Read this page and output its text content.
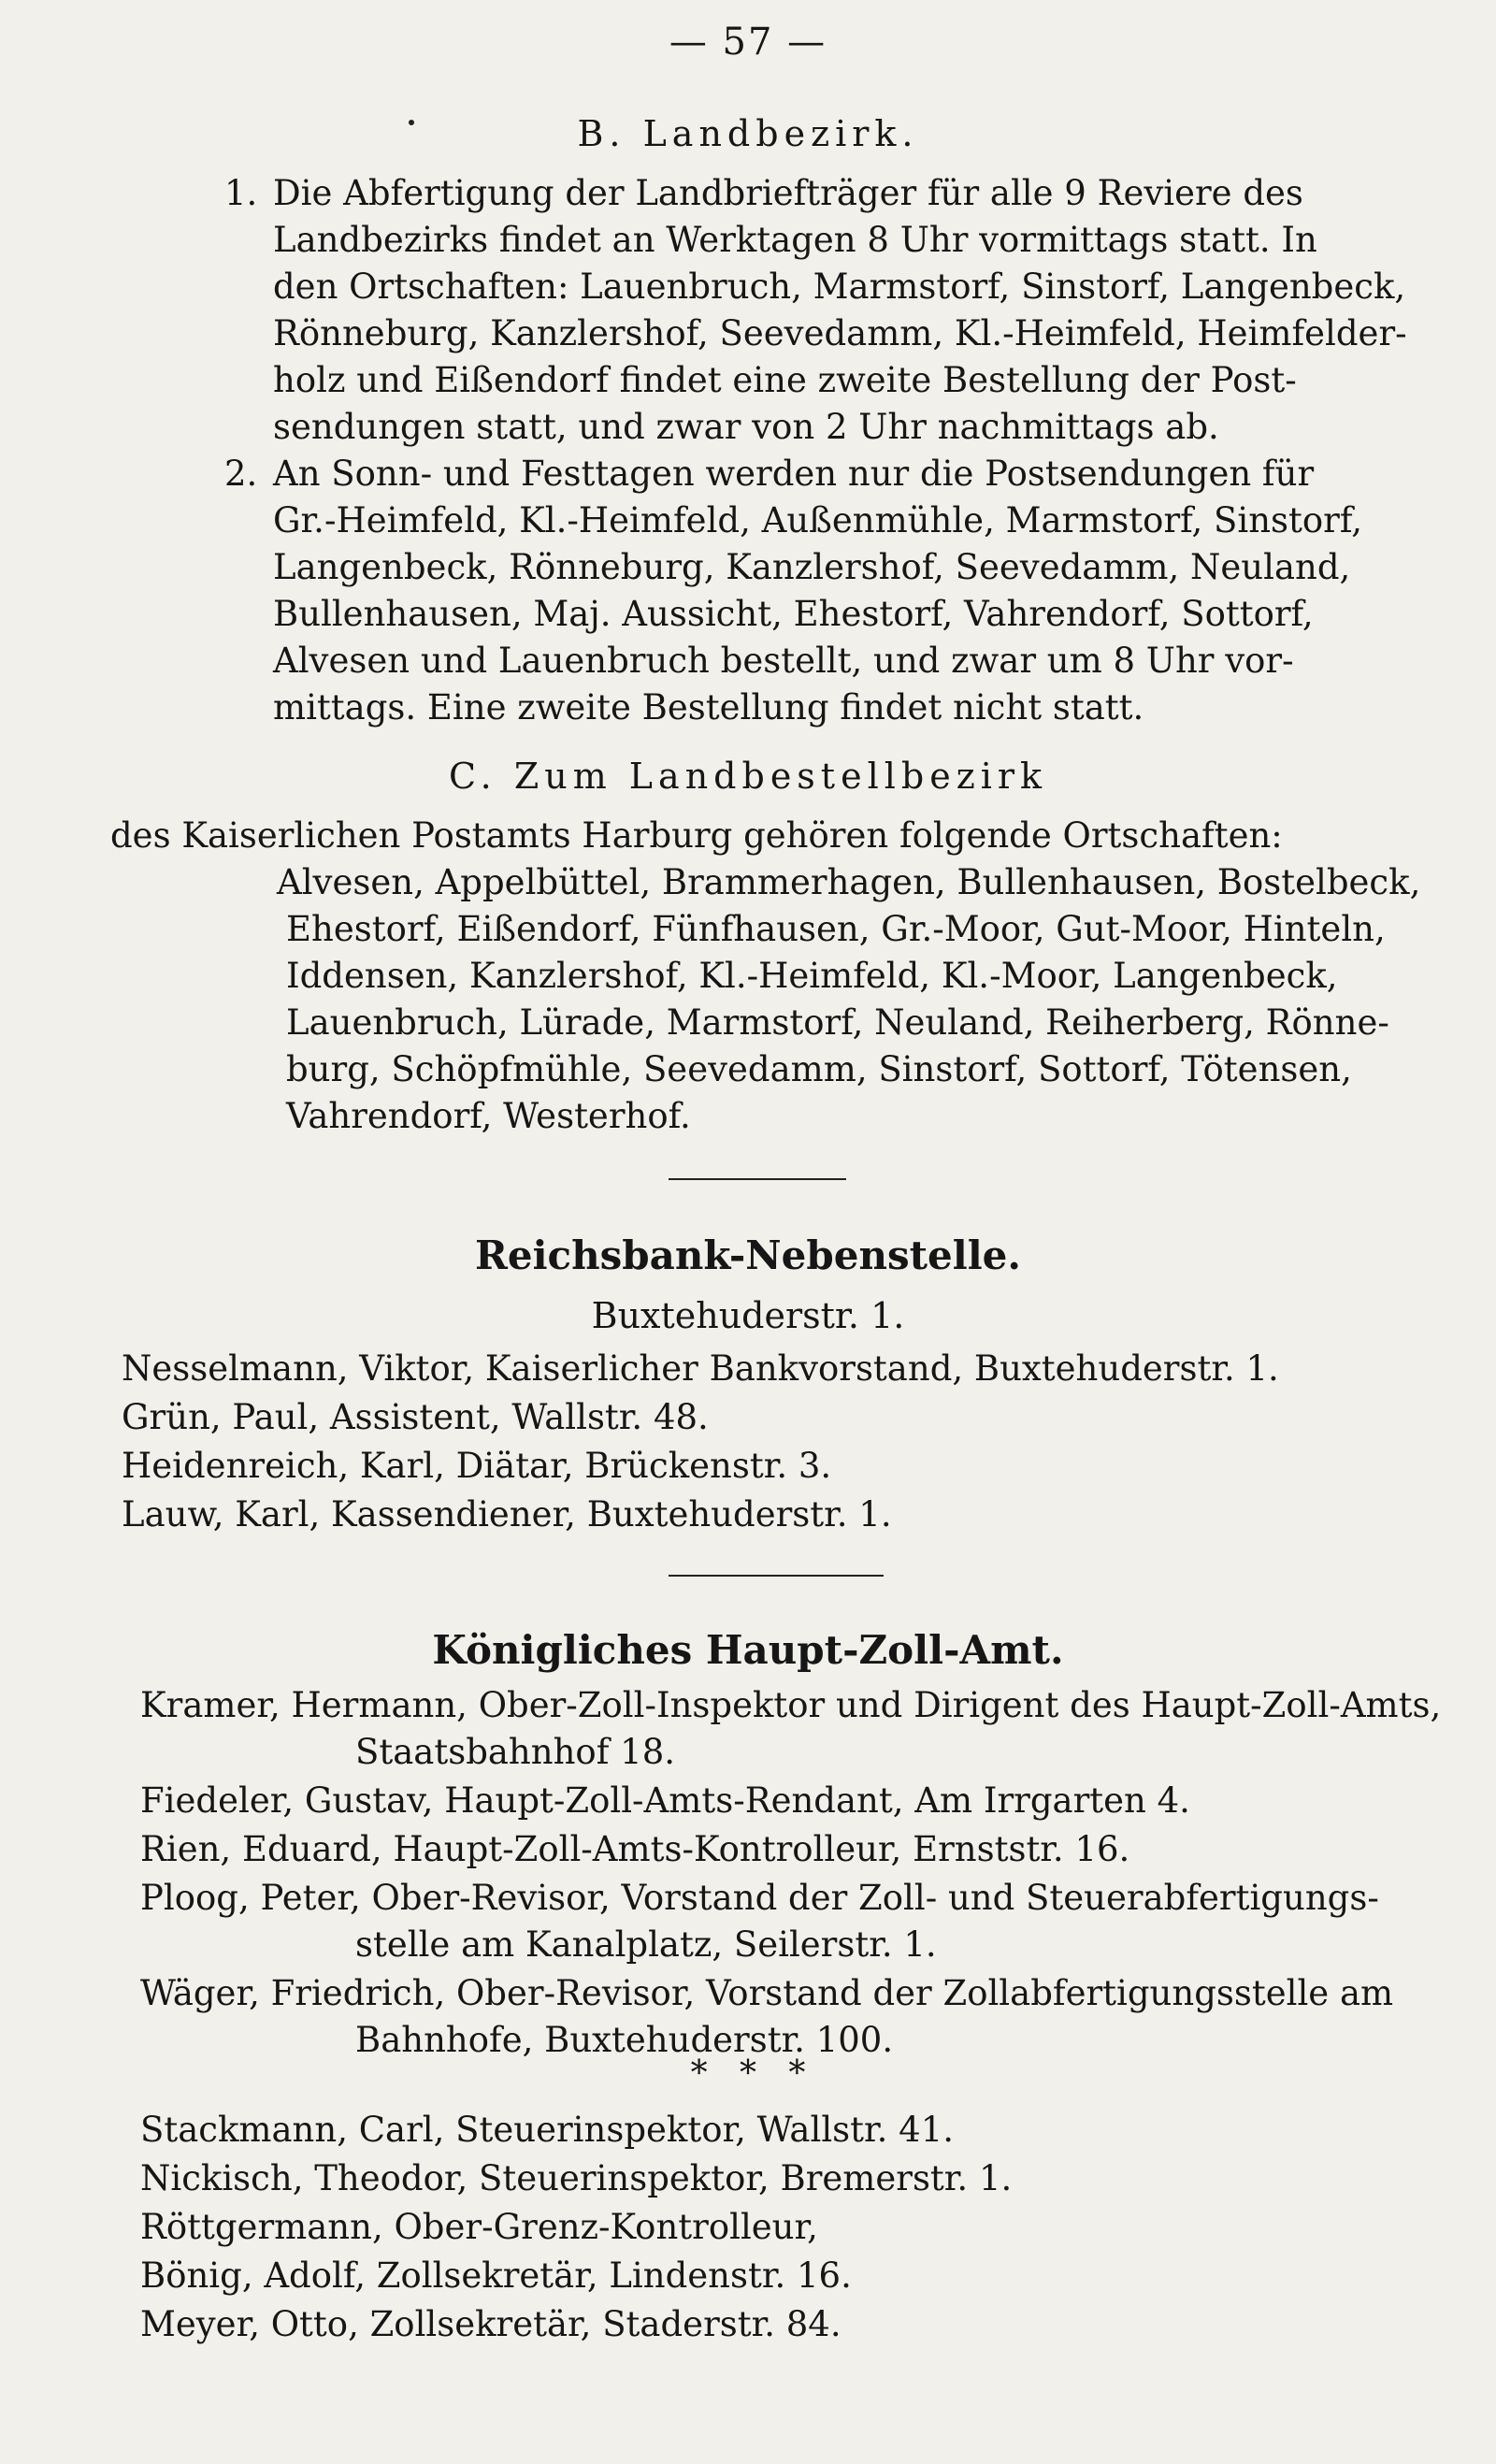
— 57 —
B. Landbezirk.
1. Die Abfertigung der Landbriefträger für alle 9 Reviere des
Landbezirks findet an Werktagen 8 Uhr vormittags statt. In
den Ortschaften: Lauenbruch, Marmstorf, Sinstorf, Langenbeck,
Rönneburg, Kanzlershof, Seevedamm, Kl.-Heimfeld, Heimfelder-
holz und Eißendorf findet eine zweite Bestellung der Post-
sendungen statt, und zwar von 2 Uhr nachmittags ab.
2. An Sonn- und Festtagen werden nur die Postsendungen für
Gr.-Heimfeld, Kl.-Heimfeld, Außenmühle, Marmstorf, Sinstorf,
Langenbeck, Rönneburg, Kanzlershof, Seevedamm, Neuland,
Bullenhausen, Maj. Aussicht, Ehestorf, Vahrendorf, Sottorf,
Alvesen und Lauenbruch bestellt, und zwar um 8 Uhr vor-
mittags. Eine zweite Bestellung findet nicht statt.
C. Zum Landbestellbezirk
des Kaiserlichen Postamts Harburg gehören folgende Ortschaften:
Alvesen, Appelbüttel, Brammerhagen, Bullenhausen, Bostelbeck,
Ehestorf, Eißendorf, Fünfhausen, Gr.-Moor, Gut-Moor, Hinteln,
Iddensen, Kanzlershof, Kl.-Heimfeld, Kl.-Moor, Langenbeck,
Lauenbruch, Lürade, Marmstorf, Neuland, Reiherberg, Rönne-
burg, Schöpfmühle, Seevedamm, Sinstorf, Sottorf, Tötensen,
Vahrendorf, Westerhof.
Reichsbank-Nebenstelle.
Buxtehuderstr. 1.
Nesselmann, Viktor, Kaiserlicher Bankvorstand, Buxtehuderstr. 1.
Grün, Paul, Assistent, Wallstr. 48.
Heidenreich, Karl, Diätar, Brückenstr. 3.
Lauw, Karl, Kassendiener, Buxtehuderstr. 1.
Königliches Haupt-Zoll-Amt.
Kramer, Hermann, Ober-Zoll-Inspektor und Dirigent des Haupt-Zoll-Amts,
Staatsbahnhof 18.
Fiedeler, Gustav, Haupt-Zoll-Amts-Rendant, Am Irrgarten 4.
Rien, Eduard, Haupt-Zoll-Amts-Kontrolleur, Ernststr. 16.
Ploog, Peter, Ober-Revisor, Vorstand der Zoll- und Steuerabfertigungs-
stelle am Kanalplatz, Seilerstr. 1.
Wäger, Friedrich, Ober-Revisor, Vorstand der Zollabfertigungsstelle am
Bahnhofe, Buxtehuderstr. 100.
*   *   *
Stackmann, Carl, Steuerinspektor, Wallstr. 41.
Nickisch, Theodor, Steuerinspektor, Bremerstr. 1.
Röttgermann, Ober-Grenz-Kontrolleur,
Bönig, Adolf, Zollsekretär, Lindenstr. 16.
Meyer, Otto, Zollsekretär, Staderstr. 84.
